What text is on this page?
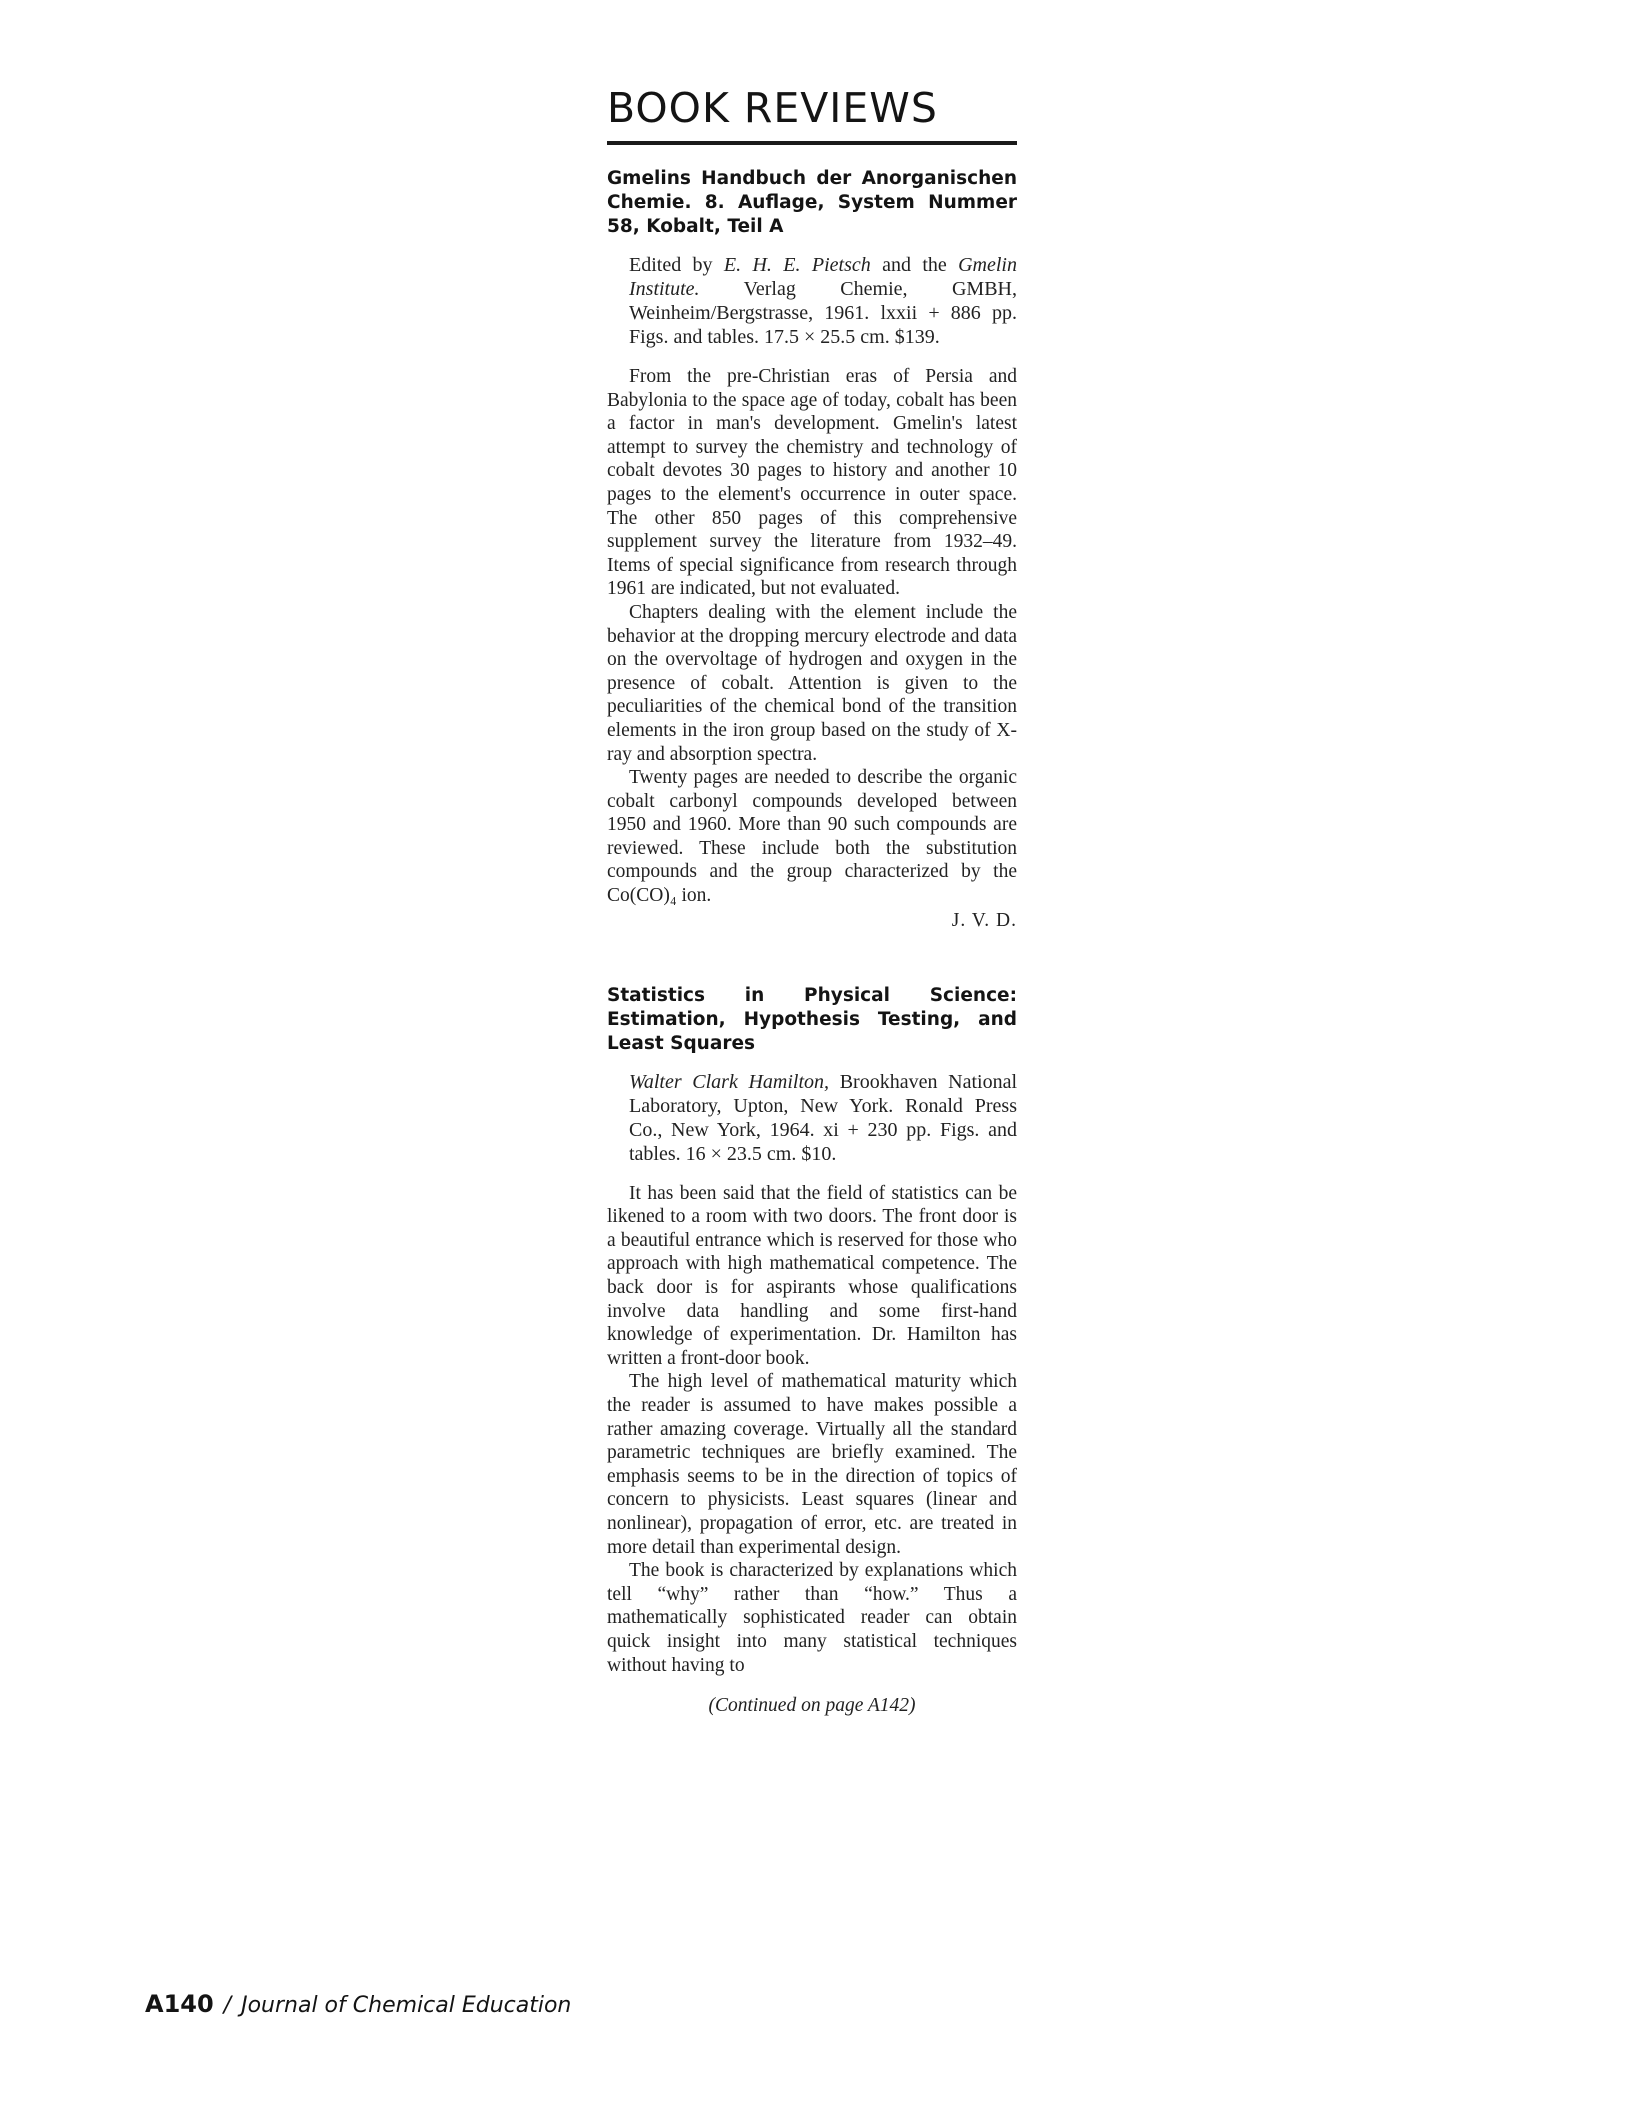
BOOK REVIEWS
Gmelins Handbuch der Anorganischen Chemie. 8. Auflage, System Nummer 58, Kobalt, Teil A

Edited by E. H. E. Pietsch and the Gmelin Institute. Verlag Chemie, GMBH, Weinheim/Bergstrasse, 1961. lxxii + 886 pp. Figs. and tables. 17.5 × 25.5 cm. $139.

From the pre-Christian eras of Persia and Babylonia to the space age of today, cobalt has been a factor in man's development. Gmelin's latest attempt to survey the chemistry and technology of cobalt devotes 30 pages to history and another 10 pages to the element's occurrence in outer space. The other 850 pages of this comprehensive supplement survey the literature from 1932–49. Items of special significance from research through 1961 are indicated, but not evaluated.

Chapters dealing with the element include the behavior at the dropping mercury electrode and data on the overvoltage of hydrogen and oxygen in the presence of cobalt. Attention is given to the peculiarities of the chemical bond of the transition elements in the iron group based on the study of X-ray and absorption spectra.

Twenty pages are needed to describe the organic cobalt carbonyl compounds developed between 1950 and 1960. More than 90 such compounds are reviewed. These include both the substitution compounds and the group characterized by the Co(CO)₄ ion.

J. V. D.
Statistics in Physical Science: Estimation, Hypothesis Testing, and Least Squares

Walter Clark Hamilton, Brookhaven National Laboratory, Upton, New York. Ronald Press Co., New York, 1964. xi + 230 pp. Figs. and tables. 16 × 23.5 cm. $10.

It has been said that the field of statistics can be likened to a room with two doors. The front door is a beautiful entrance which is reserved for those who approach with high mathematical competence. The back door is for aspirants whose qualifications involve data handling and some first-hand knowledge of experimentation. Dr. Hamilton has written a front-door book.

The high level of mathematical maturity which the reader is assumed to have makes possible a rather amazing coverage. Virtually all the standard parametric techniques are briefly examined. The emphasis seems to be in the direction of topics of concern to physicists. Least squares (linear and nonlinear), propagation of error, etc. are treated in more detail than experimental design.

The book is characterized by explanations which tell “why” rather than “how.” Thus a mathematically sophisticated reader can obtain quick insight into many statistical techniques without having to

(Continued on page A142)
A140 / Journal of Chemical Education
